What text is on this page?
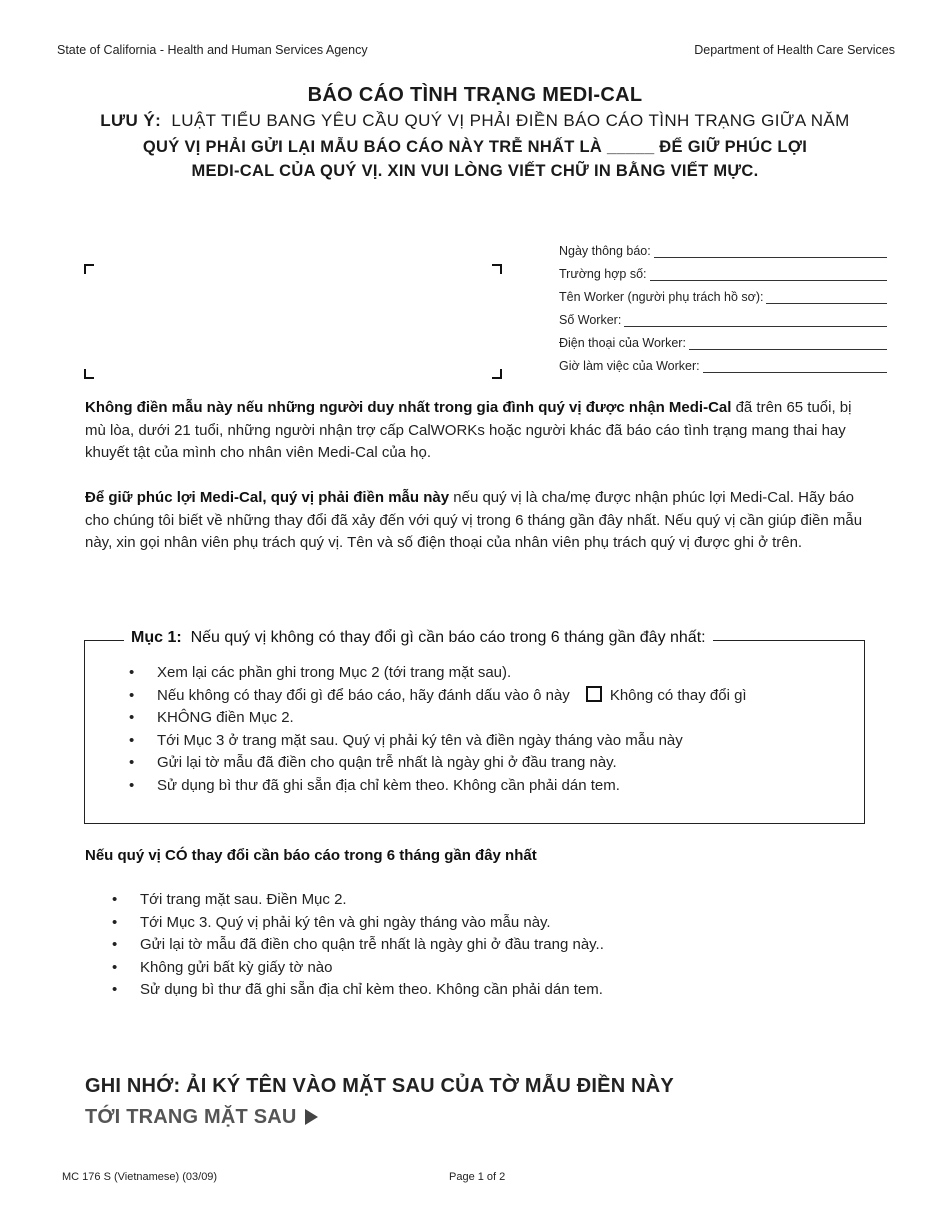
State of California - Health and Human Services Agency	Department of Health Care Services
BÁO CÁO TÌNH TRẠNG MEDI-CAL
LƯU Ý: LUẬT TIỂU BANG YÊU CẦU QUÝ VỊ PHẢI ĐIỀN BÁO CÁO TÌNH TRẠNG GIỮA NĂM
QUÝ VỊ PHẢI GỬI LẠI MẪU BÁO CÁO NÀY TRỄ NHẤT LÀ _____ ĐỂ GIỮ PHÚC LỢI
MEDI-CAL CỦA QUÝ VỊ. XIN VUI LÒNG VIẾT CHỮ IN BẰNG VIẾT MỰC.
Ngày thông báo:
Trường hợp số:
Tên Worker (người phụ trách hồ sơ):
Số Worker:
Điện thoại của Worker:
Giờ làm việc của Worker:
Không điền mẫu này nếu những người duy nhất trong gia đình quý vị được nhận Medi-Cal đã trên 65 tuổi, bị mù lòa, dưới 21 tuổi, những người nhận trợ cấp CalWORKs hoặc người khác đã báo cáo tình trạng mang thai hay khuyết tật của mình cho nhân viên Medi-Cal của họ.
Để giữ phúc lợi Medi-Cal, quý vị phải điền mẫu này nếu quý vị là cha/mẹ được nhận phúc lợi Medi-Cal. Hãy báo cho chúng tôi biết về những thay đổi đã xảy đến với quý vị trong 6 tháng gần đây nhất. Nếu quý vị cần giúp điền mẫu này, xin gọi nhân viên phụ trách quý vị. Tên và số điện thoại của nhân viên phụ trách quý vị được ghi ở trên.
Mục 1: Nếu quý vị không có thay đổi gì cần báo cáo trong 6 tháng gần đây nhất:
• Xem lại các phần ghi trong Mục 2 (tới trang mặt sau).
• Nếu không có thay đổi gì để báo cáo, hãy đánh dấu vào ô này	Không có thay đổi gì
• KHÔNG điền Mục 2.
• Tới Mục 3 ở trang mặt sau. Quý vị phải ký tên và điền ngày tháng vào mẫu này
• Gửi lại tờ mẫu đã điền cho quận trễ nhất là ngày ghi ở đầu trang này.
• Sử dụng bì thư đã ghi sẵn địa chỉ kèm theo. Không cần phải dán tem.
Nếu quý vị CÓ thay đổi cần báo cáo trong 6 tháng gần đây nhất
• Tới trang mặt sau. Điền Mục 2.
• Tới Mục 3. Quý vị phải ký tên và ghi ngày tháng vào mẫu này.
• Gửi lại tờ mẫu đã điền cho quận trễ nhất là ngày ghi ở đầu trang này..
• Không gửi bất kỳ giấy tờ nào
• Sử dụng bì thư đã ghi sẵn địa chỉ kèm theo. Không cần phải dán tem.
GHI NHỚ: ẢI KÝ TÊN VÀO MẶT SAU CỦA TỜ MẪU ĐIỀN NÀY
TỚI TRANG MẶT SAU
MC 176 S (Vietnamese) (03/09)	Page 1 of 2
